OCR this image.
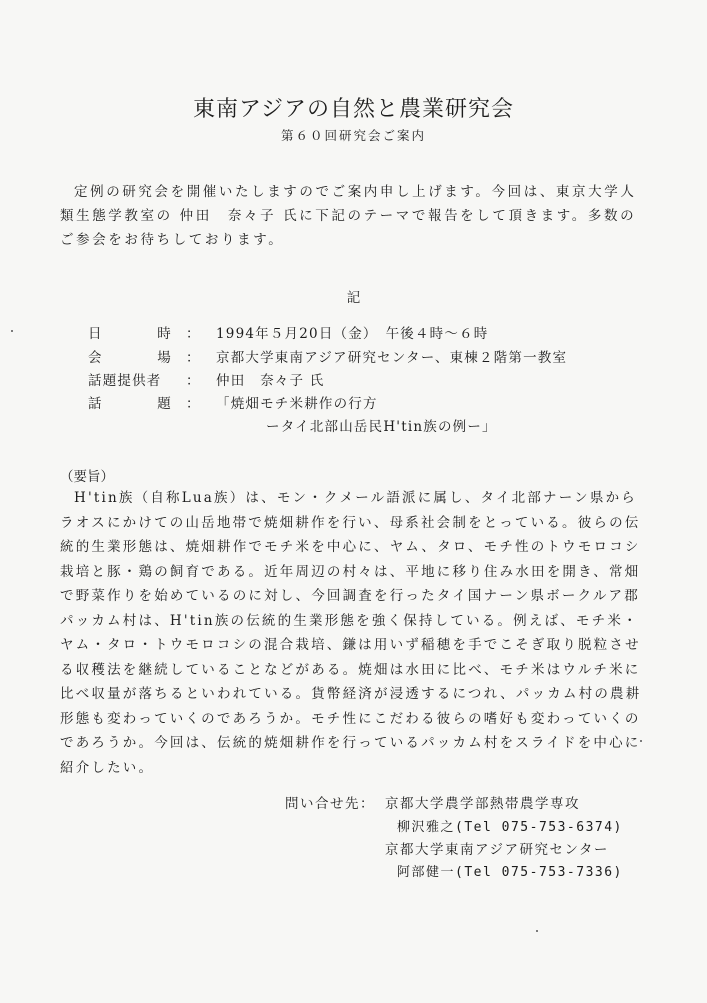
東南アジアの自然と農業研究会
第６０回研究会ご案内

定例の研究会を開催いたしますのでご案内申し上げます。今回は、東京大学人類生態学教室の 仲田　奈々子 氏に下記のテーマで報告をして頂きます。多数のご参会をお待ちしております。

記
日	時 ： 1994年５月20日（金）　午後４時～６時
会	場 ： 京都大学東南アジア研究センター、東棟２階第一教室
話題提供者	： 仲田　奈々子 氏
話	題 ： 「焼畑モチ米耕作の行方
ータイ北部山岳民H'tin族の例ー」
（要旨）

H'tin族（自称Lua族）は、モン・クメール語派に属し、タイ北部ナーン県からラオスにかけての山岳地帯で焼畑耕作を行い、母系社会制をとっている。彼らの伝統的生業形態は、焼畑耕作でモチ米を中心に、ヤム、タロ、モチ性のトウモロコシ栽培と豚・鶏の飼育である。近年周辺の村々は、平地に移り住み水田を開き、常畑で野菜作りを始めているのに対し、今回調査を行ったタイ国ナーン県ボークルア郡パッカム村は、H'tin族の伝統的生業形態を強く保持している。例えば、モチ米・ヤム・タロ・トウモロコシの混合栽培、鎌は用いず稲穂を手でこそぎ取り脱粒させる収穫法を継続していることなどがある。焼畑は水田に比べ、モチ米はウルチ米に比べ収量が落ちるといわれている。貨幣経済が浸透するにつれ、パッカム村の農耕形態も変わっていくのであろうか。モチ性にこだわる彼らの嗜好も変わっていくのであろうか。今回は、伝統的焼畑耕作を行っているパッカム村をスライドを中心に紹介したい。

問い合せ先： 京都大学農学部熱帯農学専攻
柳沢雅之(Tel 075-753-6374)
京都大学東南アジア研究センター
阿部健一(Tel 075-753-7336)
